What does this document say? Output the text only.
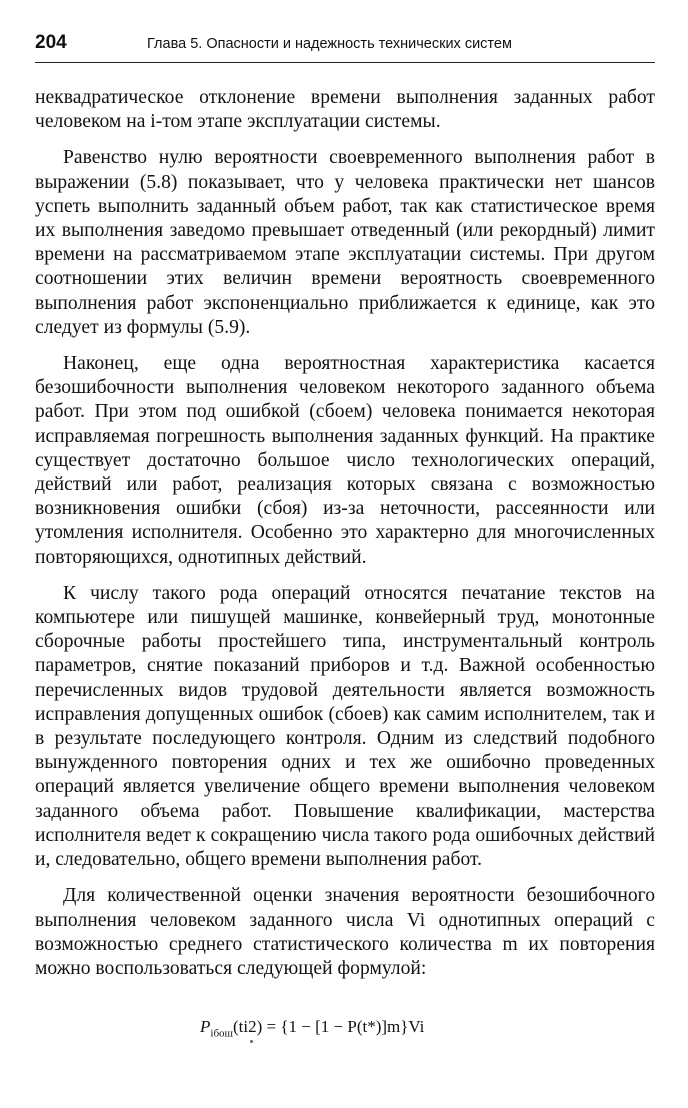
204	Глава 5. Опасности и надежность технических систем

неквадратическое отклонение времени выполнения заданных работ человеком на i-том этапе эксплуатации системы.

Равенство нулю вероятности своевременного выполнения работ в выражении (5.8) показывает, что у человека практически нет шансов успеть выполнить заданный объем работ, так как статистическое время их выполнения заведомо превышает отведенный (или рекордный) лимит времени на рассматриваемом этапе эксплуатации системы. При другом соотношении этих величин времени вероятность своевременного выполнения работ экспоненциально приближается к единице, как это следует из формулы (5.9).

Наконец, еще одна вероятностная характеристика касается безошибочности выполнения человеком некоторого заданного объема работ. При этом под ошибкой (сбоем) человека понимается некоторая исправляемая погрешность выполнения заданных функций. На практике существует достаточно большое число технологических операций, действий или работ, реализация которых связана с возможностью возникновения ошибки (сбоя) из-за неточности, рассеянности или утомления исполнителя. Особенно это характерно для многочисленных повторяющихся, однотипных действий.

К числу такого рода операций относятся печатание текстов на компьютере или пишущей машинке, конвейерный труд, монотонные сборочные работы простейшего типа, инструментальный контроль параметров, снятие показаний приборов и т.д. Важной особенностью перечисленных видов трудовой деятельности является возможность исправления допущенных ошибок (сбоев) как самим исполнителем, так и в результате последующего контроля. Одним из следствий подобного вынужденного повторения одних и тех же ошибочно проведенных операций является увеличение общего времени выполнения человеком заданного объема работ. Повышение квалификации, мастерства исполнителя ведет к сокращению числа такого рода ошибочных действий и, следовательно, общего времени выполнения работ.

Для количественной оценки значения вероятности безошибочного выполнения человеком заданного числа Vi однотипных операций с возможностью среднего статистического количества m их повторения можно воспользоваться следующей формулой:

$P_{iбош}(ti2) = \{1 - [1 - P(t*)]m\}Vi$
